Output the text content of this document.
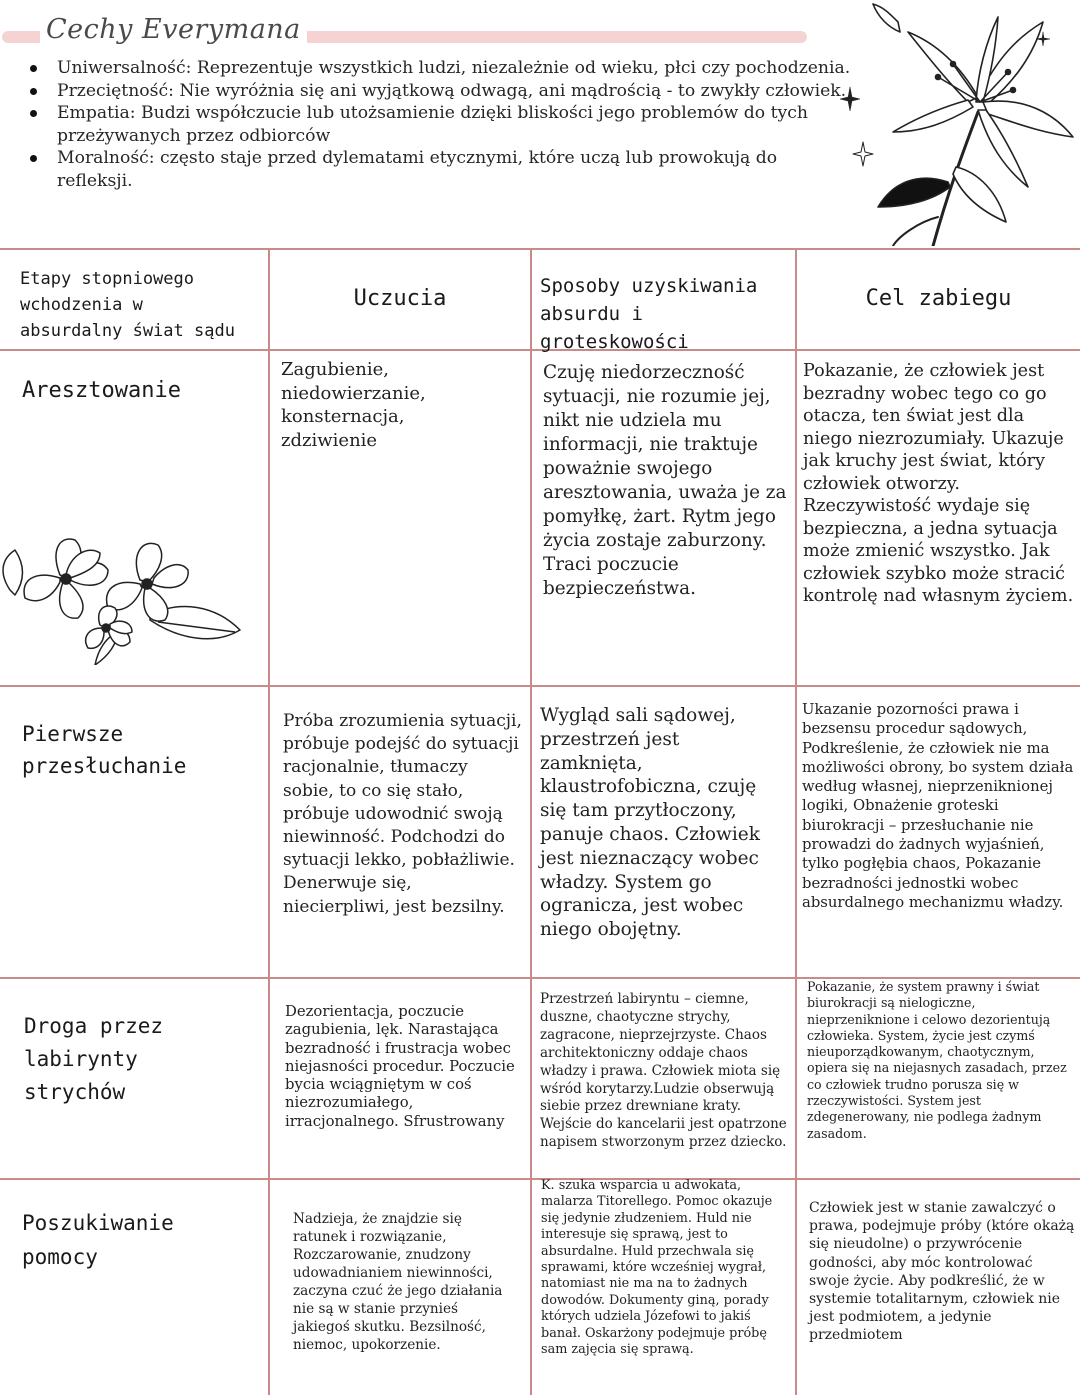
Cechy Everymana
Uniwersalność: Reprezentuje wszystkich ludzi, niezależnie od wieku, płci czy pochodzenia.
Przeciętność: Nie wyróżnia się ani wyjątkową odwagą, ani mądrością - to zwykły człowiek.
Empatia: Budzi współczucie lub utożsamienie dzięki bliskości jego problemów do tych przeżywanych przez odbiorców
Moralność: często staje przed dylematami etycznymi, które uczą lub prowokują do refleksji.
Etapy stopniowego wchodzenia w absurdalny świat sądu
Uczucia	Sposoby uzyskiwania absurdu i groteskowości
Cel zabiegu
Aresztowanie
Zagubienie, niedowierzanie, konsternacja, zdziwienie
Czuję niedorzeczność sytuacji, nie rozumie jej, nikt nie udziela mu informacji, nie traktuje poważnie swojego aresztowania, uważa je za pomyłkę, żart. Rytm jego życia zostaje zaburzony. Traci poczucie bezpieczeństwa.
Pokazanie, że człowiek jest bezradny wobec tego co go otacza, ten świat jest dla niego niezrozumiały. Ukazuje jak kruchy jest świat, który człowiek otworzy. Rzeczywistość wydaje się bezpieczna, a jedna sytuacja może zmienić wszystko. Jak człowiek szybko może stracić kontrolę nad własnym życiem.
Pierwsze przesłuchanie
Próba zrozumienia sytuacji, próbuje podejść do sytuacji racjonalnie, tłumaczy sobie, to co się stało, próbuje udowodnić swoją niewinność. Podchodzi do sytuacji lekko, pobłażliwie. Denerwuje się, niecierpliwi, jest bezsilny.
Wygląd sali sądowej, przestrzeń jest zamknięta, klaustrofobiczna, czuję się tam przytłoczony, panuje chaos. Człowiek jest nieznaczący wobec władzy. System go ogranicza, jest wobec niego obojętny.
Ukazanie pozorności prawa i bezsensu procedur sądowych, Podkreślenie, że człowiek nie ma możliwości obrony, bo system działa według własnej, nieprzeniknionej logiki, Obnażenie groteski biurokracji – przesłuchanie nie prowadzi do żadnych wyjaśnień, tylko pogłębia chaos, Pokazanie bezradności jednostki wobec absurdalnego mechanizmu władzy.
Droga przez labirynty strychów
Dezorientacja, poczucie zagubienia, lęk. Narastająca bezradność i frustracja wobec niejasności procedur. Poczucie bycia wciągniętym w coś niezrozumiałego, irracjonalnego. Sfrustrowany
Przestrzeń labiryntu – ciemne, duszne, chaotyczne strychy, zagracone, nieprzejrzyste. Chaos architektoniczny oddaje chaos władzy i prawa. Człowiek miota się wśród korytarzy.Ludzie obserwują siebie przez drewniane kraty. Wejście do kancelarii jest opatrzone napisem stworzonym przez dziecko.
Pokazanie, że system prawny i świat biurokracji są nielogiczne, nieprzeniknione i celowo dezorientują człowieka. System, życie jest czymś nieuporządkowanym, chaotycznym, opiera się na niejasnych zasadach, przez co człowiek trudno porusza się w rzeczywistości. System jest zdegenerowany, nie podlega żadnym zasadom.
Poszukiwanie pomocy
Nadzieja, że znajdzie się ratunek i rozwiązanie, Rozczarowanie, znudzony udowadnianiem niewinności, zaczyna czuć że jego działania nie są w stanie przynieś jakiegoś skutku. Bezsilność, niemoc, upokorzenie.
K. szuka wsparcia u adwokata, malarza Titorellego. Pomoc okazuje się jedynie złudzeniem. Huld nie interesuje się sprawą, jest to absurdalne. Huld przechwala się sprawami, które wcześniej wygrał, natomiast nie ma na to żadnych dowodów. Dokumenty giną, porady których udziela Józefowi to jakiś banał. Oskarżony podejmuje próbę sam zajęcia się sprawą.
Człowiek jest w stanie zawalczyć o prawa, podejmuje próby (które okażą się nieudolne) o przywrócenie godności, aby móc kontrolować swoje życie. Aby podkreślić, że w systemie totalitarnym, człowiek nie jest podmiotem, a jedynie przedmiotem
